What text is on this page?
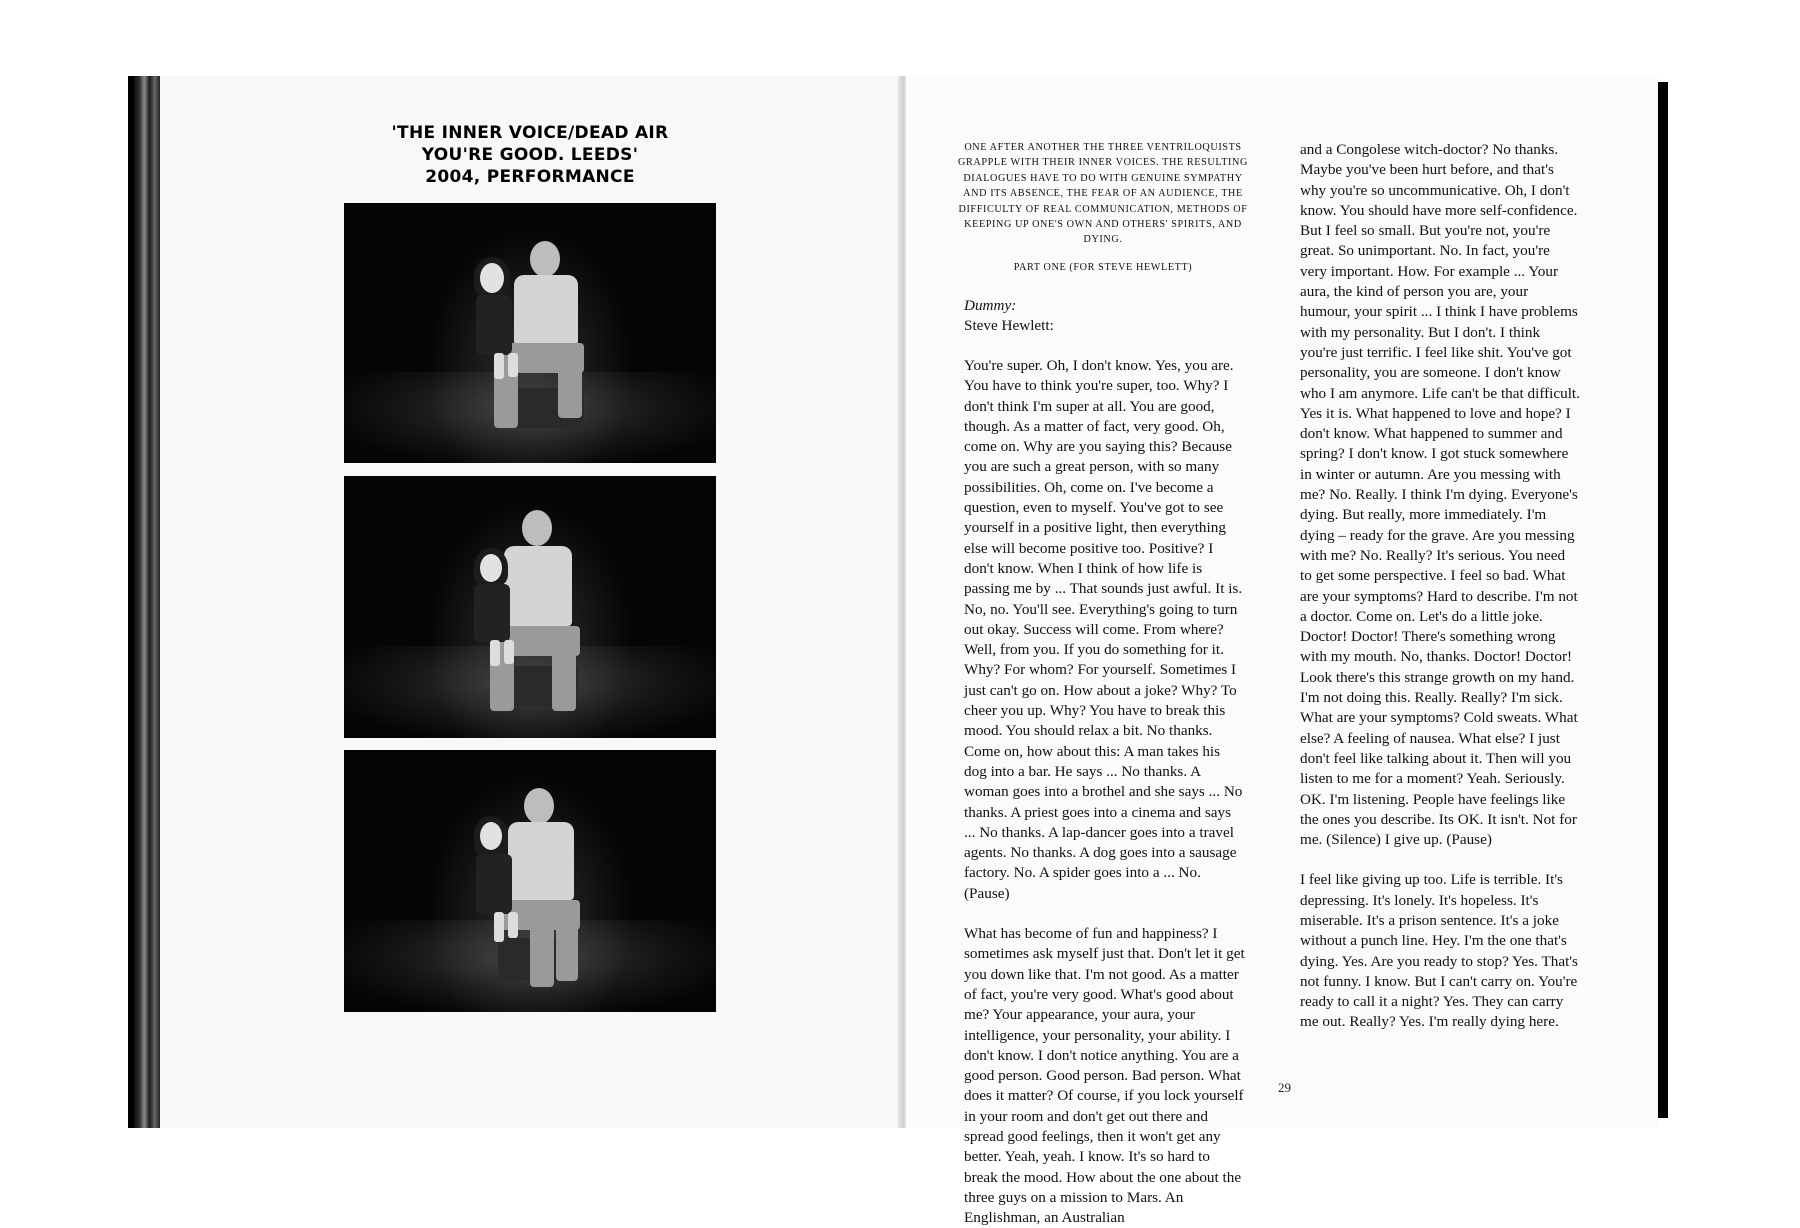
'THE INNER VOICE/DEAD AIR
YOU'RE GOOD. LEEDS'
2004, PERFORMANCE
ONE AFTER ANOTHER THE THREE VENTRILOQUISTS GRAPPLE WITH THEIR INNER VOICES. THE RESULTING DIALOGUES HAVE TO DO WITH GENUINE SYMPATHY AND ITS ABSENCE, THE FEAR OF AN AUDIENCE, THE DIFFICULTY OF REAL COMMUNICATION, METHODS OF KEEPING UP ONE'S OWN AND OTHERS' SPIRITS, AND DYING.
PART ONE (FOR STEVE HEWLETT)
Dummy:
Steve Hewlett:

You're super. Oh, I don't know. Yes, you are. You have to think you're super, too. Why? I don't think I'm super at all. You are good, though. As a matter of fact, very good. Oh, come on. Why are you saying this? Because you are such a great person, with so many possibilities. Oh, come on. I've become a question, even to myself. You've got to see yourself in a positive light, then everything else will become positive too. Positive? I don't know. When I think of how life is passing me by ... That sounds just awful. It is. No, no. You'll see. Everything's going to turn out okay. Success will come. From where? Well, from you. If you do something for it. Why? For whom? For yourself. Sometimes I just can't go on. How about a joke? Why? To cheer you up. Why? You have to break this mood. You should relax a bit. No thanks. Come on, how about this: A man takes his dog into a bar. He says ... No thanks. A woman goes into a brothel and she says ... No thanks. A priest goes into a cinema and says ... No thanks. A lap-dancer goes into a travel agents. No thanks. A dog goes into a sausage factory. No. A spider goes into a ... No. (Pause)

What has become of fun and happiness? I sometimes ask myself just that. Don't let it get you down like that. I'm not good. As a matter of fact, you're very good. What's good about me? Your appearance, your aura, your intelligence, your personality, your ability. I don't know. I don't notice anything. You are a good person. Good person. Bad person. What does it matter? Of course, if you lock yourself in your room and don't get out there and spread good feelings, then it won't get any better. Yeah, yeah. I know. It's so hard to break the mood. How about the one about the three guys on a mission to Mars. An Englishman, an Australian

and a Congolese witch-doctor? No thanks. Maybe you've been hurt before, and that's why you're so uncommunicative. Oh, I don't know. You should have more self-confidence. But I feel so small. But you're not, you're great. So unimportant. No. In fact, you're very important. How. For example ... Your aura, the kind of person you are, your humour, your spirit ... I think I have problems with my personality. But I don't. I think you're just terrific. I feel like shit. You've got personality, you are someone. I don't know who I am anymore. Life can't be that difficult. Yes it is. What happened to love and hope? I don't know. What happened to summer and spring? I don't know. I got stuck somewhere in winter or autumn. Are you messing with me? No. Really. I think I'm dying. Everyone's dying. But really, more immediately. I'm dying – ready for the grave. Are you messing with me? No. Really? It's serious. You need to get some perspective. I feel so bad. What are your symptoms? Hard to describe. I'm not a doctor. Come on. Let's do a little joke. Doctor! Doctor! There's something wrong with my mouth. No, thanks. Doctor! Doctor! Look there's this strange growth on my hand. I'm not doing this. Really. Really? I'm sick. What are your symptoms? Cold sweats. What else? A feeling of nausea. What else? I just don't feel like talking about it. Then will you listen to me for a moment? Yeah. Seriously. OK. I'm listening. People have feelings like the ones you describe. Its OK. It isn't. Not for me. (Silence) I give up. (Pause)

I feel like giving up too. Life is terrible. It's depressing. It's lonely. It's hopeless. It's miserable. It's a prison sentence. It's a joke without a punch line. Hey. I'm the one that's dying. Yes. Are you ready to stop? Yes. That's not funny. I know. But I can't carry on. You're ready to call it a night? Yes. They can carry me out. Really? Yes. I'm really dying here.

29
